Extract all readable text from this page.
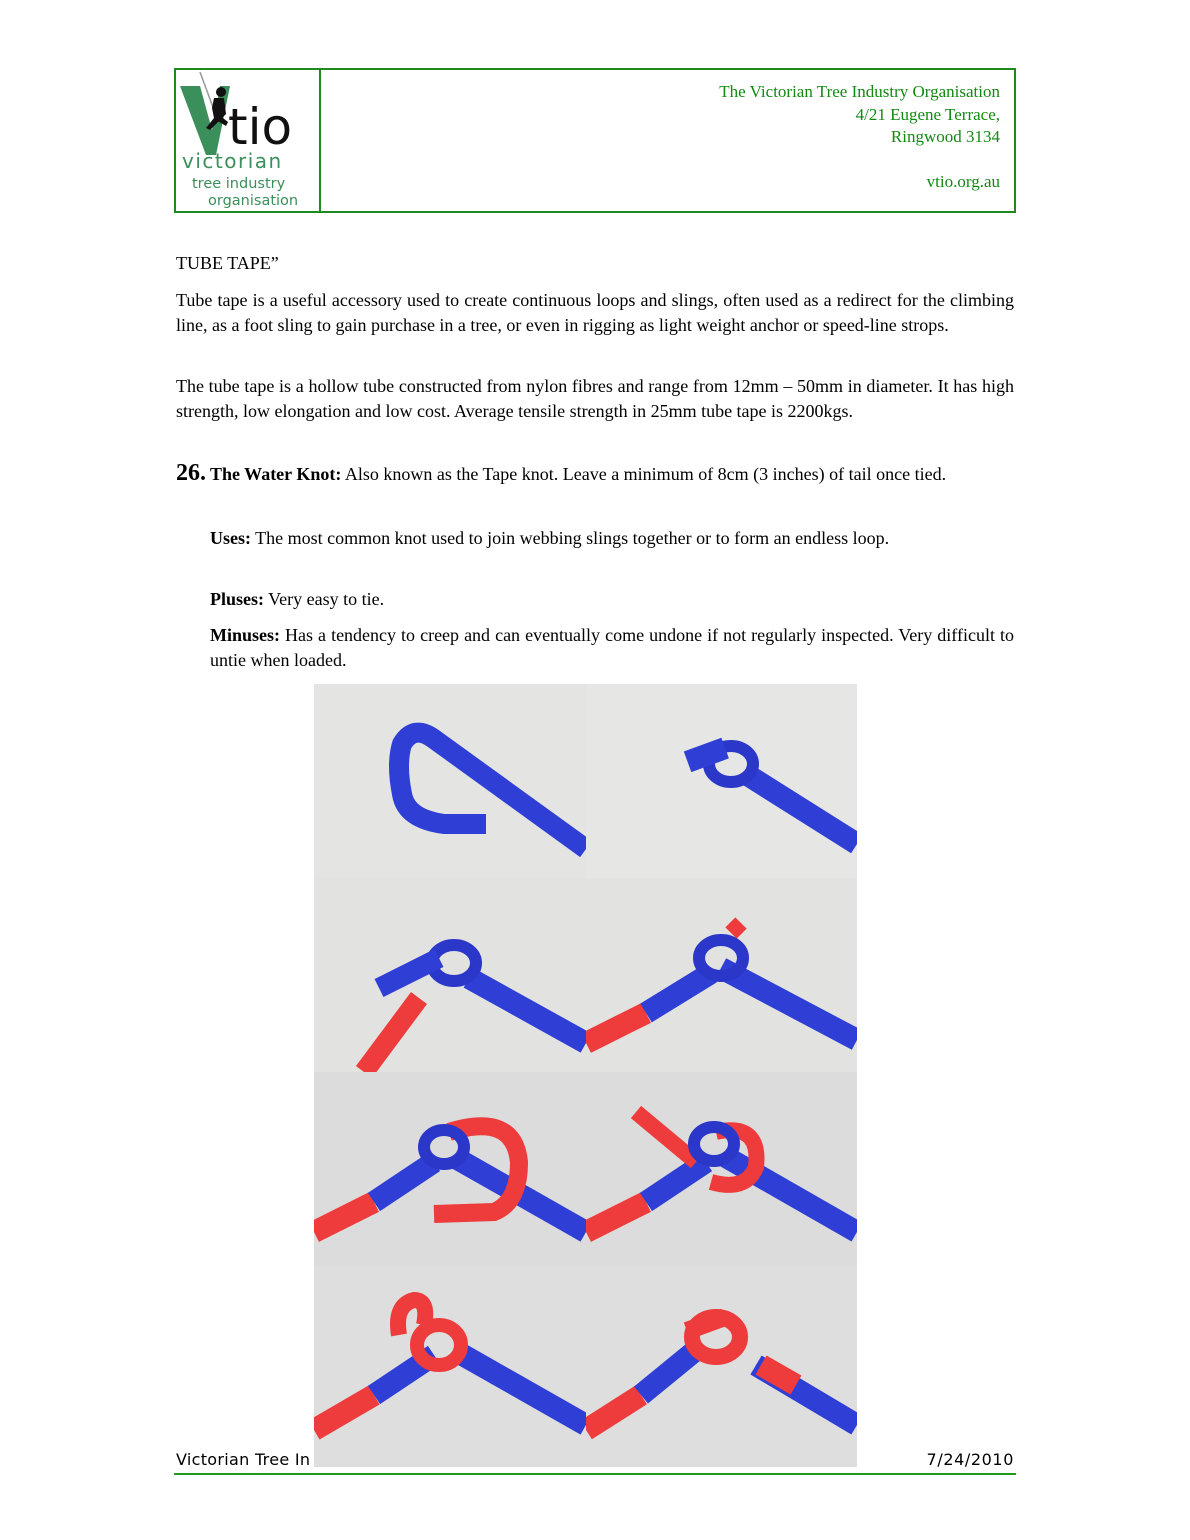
tio
victorian
tree industry
organisation
The Victorian Tree Industry Organisation
4/21 Eugene Terrace,
Ringwood 3134
vtio.org.au
TUBE TAPE”

Tube tape is a useful accessory used to create continuous loops and slings, often used as a redirect for the climbing line, as a foot sling to gain purchase in a tree, or even in rigging as light weight anchor or speed-line strops.

The tube tape is a hollow tube constructed from nylon fibres and range from 12mm – 50mm in diameter. It has high strength, low elongation and low cost. Average tensile strength in 25mm tube tape is 2200kgs.

26. The Water Knot: Also known as the Tape knot. Leave a minimum of 8cm (3 inches) of tail once tied.

Uses: The most common knot used to join webbing slings together or to form an endless loop.

Pluses: Very easy to tie.

Minuses: Has a tendency to creep and can eventually come undone if not regularly inspected. Very difficult to untie when loaded.

Victorian Tree In	7/24/2010
